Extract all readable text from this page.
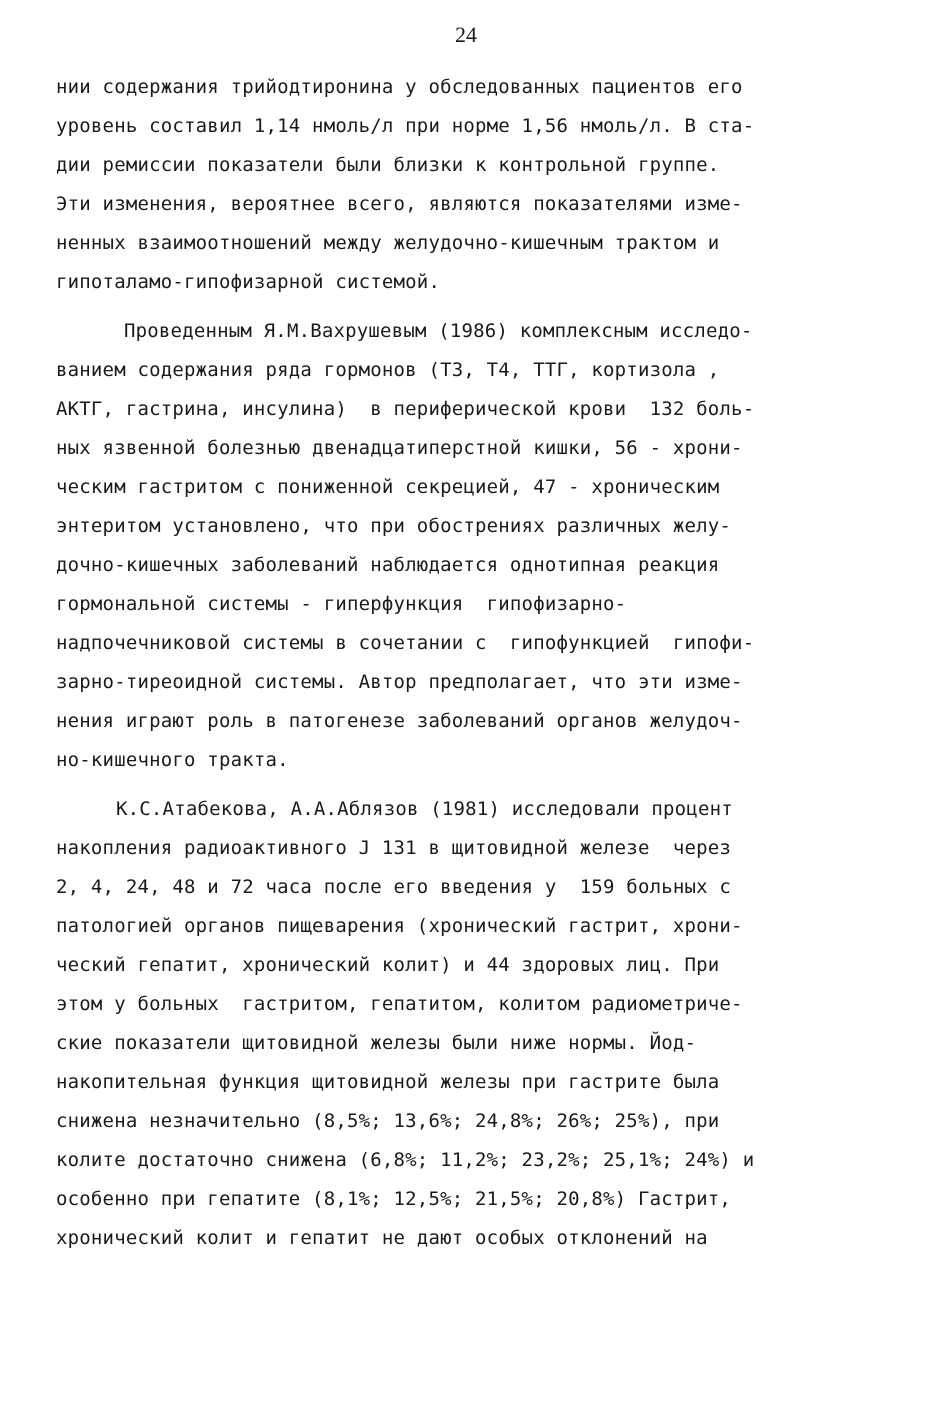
24

нии содержания трийодтиронина у обследованных пациентов его

уровень составил 1,14 нмоль/л при норме 1,56 нмоль/л. В ста-

дии ремиссии показатели были близки к контрольной группе.

Эти изменения, вероятнее всего, являются показателями изме-

ненных взаимоотношений между желудочно-кишечным трактом и

гипоталамо-гипофизарной системой.

Проведенным Я.М.Вахрушевым (1986) комплексным исследо-

ванием содержания ряда гормонов (Т3, Т4, ТТГ, кортизола ,

АКТГ, гастрина, инсулина)  в периферической крови  132 боль-

ных язвенной болезнью двенадцатиперстной кишки, 56 - хрони-

ческим гастритом с пониженной секрецией, 47 - хроническим

энтеритом установлено, что при обострениях различных желу-

дочно-кишечных заболеваний наблюдается однотипная реакция

гормональной системы - гиперфункция  гипофизарно-

надпочечниковой системы в сочетании с  гипофункцией  гипофи-

зарно-тиреоидной системы. Автор предполагает, что эти изме-

нения играют роль в патогенезе заболеваний органов желудоч-

но-кишечного тракта.

К.С.Атабекова, А.А.Аблязов (1981) исследовали процент

накопления радиоактивного J 131 в щитовидной железе  через

2, 4, 24, 48 и 72 часа после его введения у  159 больных с

патологией органов пищеварения (хронический гастрит, хрони-

ческий гепатит, хронический колит) и 44 здоровых лиц. При

этом у больных  гастритом, гепатитом, колитом радиометриче-

ские показатели щитовидной железы были ниже нормы. Йод-

накопительная функция щитовидной железы при гастрите была

снижена незначительно (8,5%; 13,6%; 24,8%; 26%; 25%), при

колите достаточно снижена (6,8%; 11,2%; 23,2%; 25,1%; 24%) и

особенно при гепатите (8,1%; 12,5%; 21,5%; 20,8%) Гастрит,

хронический колит и гепатит не дают особых отклонений на
